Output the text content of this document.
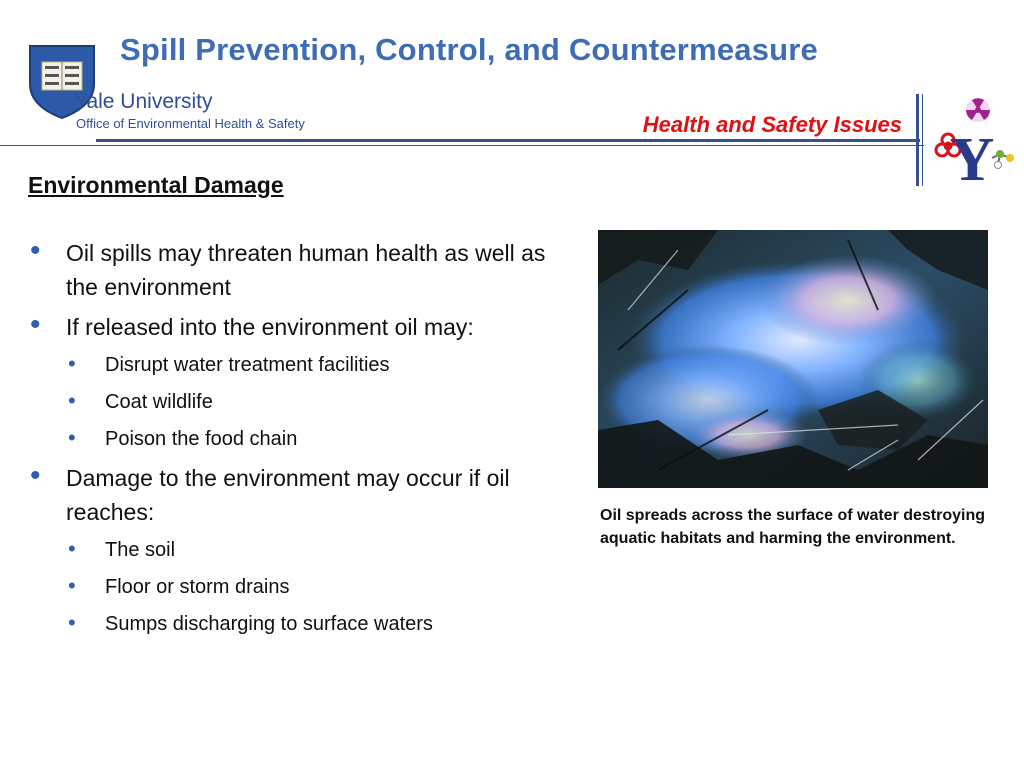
Spill Prevention, Control, and Countermeasure
Yale University
Office of Environmental Health & Safety	Health and Safety Issues
Y
Environmental Damage
• Oil spills may threaten human health as well as the environment
• If released into the environment oil may:
• Disrupt water treatment facilities
• Coat wildlife
• Poison the food chain
• Damage to the environment may occur if oil reaches:
• The soil
• Floor or storm drains
• Sumps discharging to surface waters
Oil spreads across the surface of water destroying aquatic habitats and harming the environment.
